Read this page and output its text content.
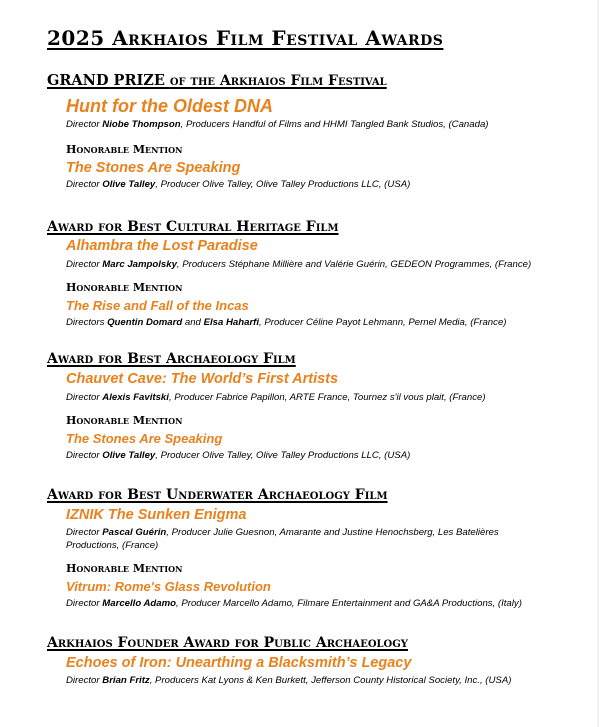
2025 Arkhaios Film Festival Awards
GRAND PRIZE of the Arkhaios Film Festival
Hunt for the Oldest DNA
Director Niobe Thompson, Producers Handful of Films and HHMI Tangled Bank Studios, (Canada)
Honorable Mention
The Stones Are Speaking
Director Olive Talley, Producer Olive Talley, Olive Talley Productions LLC, (USA)
Award for Best Cultural Heritage Film
Alhambra the Lost Paradise
Director Marc Jampolsky, Producers Stéphane Millière and Valérie Guérin, GEDEON Programmes, (France)
Honorable Mention
The Rise and Fall of the Incas
Directors Quentin Domard and Elsa Haharfi, Producer Céline Payot Lehmann, Pernel Media, (France)
Award for Best Archaeology Film
Chauvet Cave: The World’s First Artists
Director Alexis Favitski, Producer Fabrice Papillon, ARTE France, Tournez s'il vous plait, (France)
Honorable Mention
The Stones Are Speaking
Director Olive Talley, Producer Olive Talley, Olive Talley Productions LLC, (USA)
Award for Best Underwater Archaeology Film
IZNIK The Sunken Enigma
Director Pascal Guérin, Producer Julie Guesnon, Amarante and Justine Henochsberg, Les Batelières Productions, (France)
Honorable Mention
Vitrum: Rome's Glass Revolution
Director Marcello Adamo, Producer Marcello Adamo, Filmare Entertainment and GA&A Productions, (Italy)
Arkhaios Founder Award for Public Archaeology
Echoes of Iron: Unearthing a Blacksmith’s Legacy
Director Brian Fritz, Producers Kat Lyons & Ken Burkett, Jefferson County Historical Society, Inc., (USA)
